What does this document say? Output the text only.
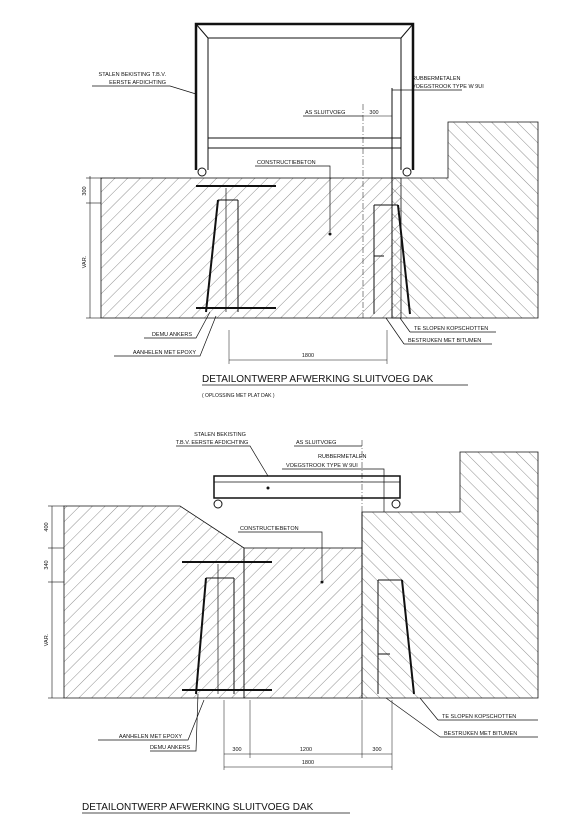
STALEN BEKISTING T.B.V.
EERSTE AFDICHTING
RUBBERMETALEN
VOEGSTROOK TYPE W 9UI
AS SLUITVOEG	300
CONSTRUCTIEBETON
300
VAR.
DEMU ANKERS
AANHELEN MET EPOXY
TE SLOPEN KOPSCHOTTEN
BESTRIJKEN MET BITUMEN
1800
DETAILONTWERP AFWERKING SLUITVOEG DAK
( OPLOSSING MET PLAT DAK )
STALEN BEKISTING
T.B.V. EERSTE AFDICHTING	AS SLUITVOEG
RUBBERMETALEN
VOEGSTROOK TYPE W 9UI
CONSTRUCTIEBETON
400
340
VAR.
AANHELEN MET EPOXY
DEMU ANKERS
TE SLOPEN KOPSCHOTTEN
BESTRIJKEN MET BITUMEN
300	1200	300
1800
DETAILONTWERP AFWERKING SLUITVOEG DAK
